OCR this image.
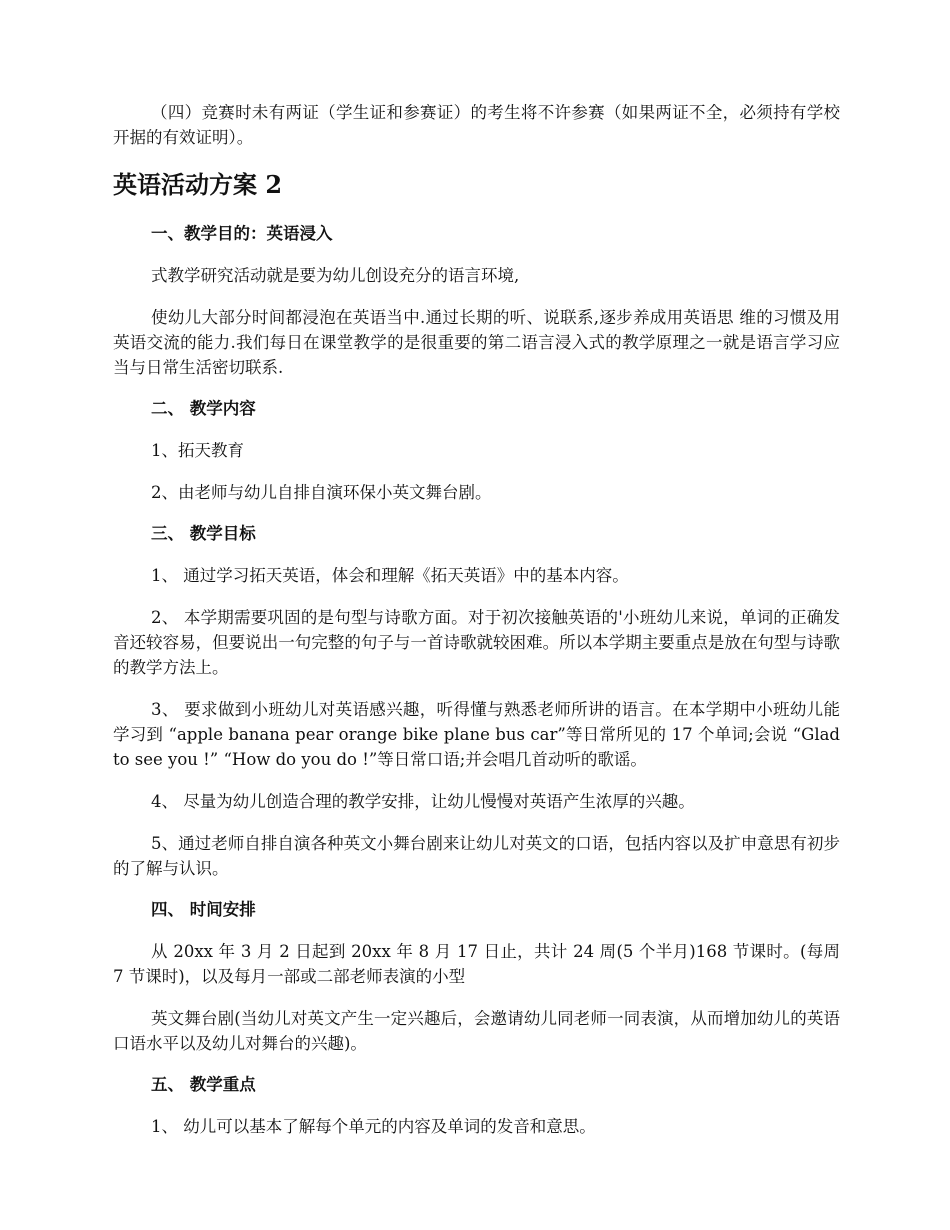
（四）竞赛时未有两证（学生证和参赛证）的考生将不许参赛（如果两证不全，必须持有学校开据的有效证明）。

英语活动方案 2

一、教学目的：英语浸入

式教学研究活动就是要为幼儿创设充分的语言环境,

使幼儿大部分时间都浸泡在英语当中.通过长期的听、说联系,逐步养成用英语思 维的习惯及用英语交流的能力.我们每日在课堂教学的是很重要的第二语言浸入式的教学原理之一就是语言学习应当与日常生活密切联系.

二、 教学内容

1、拓天教育

2、由老师与幼儿自排自演环保小英文舞台剧。

三、 教学目标

1、 通过学习拓天英语，体会和理解《拓天英语》中的基本内容。

2、 本学期需要巩固的是句型与诗歌方面。对于初次接触英语的'小班幼儿来说，单词的正确发音还较容易，但要说出一句完整的句子与一首诗歌就较困难。所以本学期主要重点是放在句型与诗歌的教学方法上。

3、 要求做到小班幼儿对英语感兴趣，听得懂与熟悉老师所讲的语言。在本学期中小班幼儿能学习到 “apple banana pear orange bike plane bus car”等日常所见的 17 个单词;会说 “Glad to see you !” “How do you do !”等日常口语;并会唱几首动听的歌谣。

4、 尽量为幼儿创造合理的教学安排，让幼儿慢慢对英语产生浓厚的兴趣。

5、通过老师自排自演各种英文小舞台剧来让幼儿对英文的口语，包括内容以及扩申意思有初步的了解与认识。

四、 时间安排

从 20xx 年 3 月 2 日起到 20xx 年 8 月 17 日止，共计 24 周(5 个半月)168 节课时。(每周 7 节课时)，以及每月一部或二部老师表演的小型

英文舞台剧(当幼儿对英文产生一定兴趣后，会邀请幼儿同老师一同表演，从而增加幼儿的英语口语水平以及幼儿对舞台的兴趣)。

五、 教学重点

1、 幼儿可以基本了解每个单元的内容及单词的发音和意思。
